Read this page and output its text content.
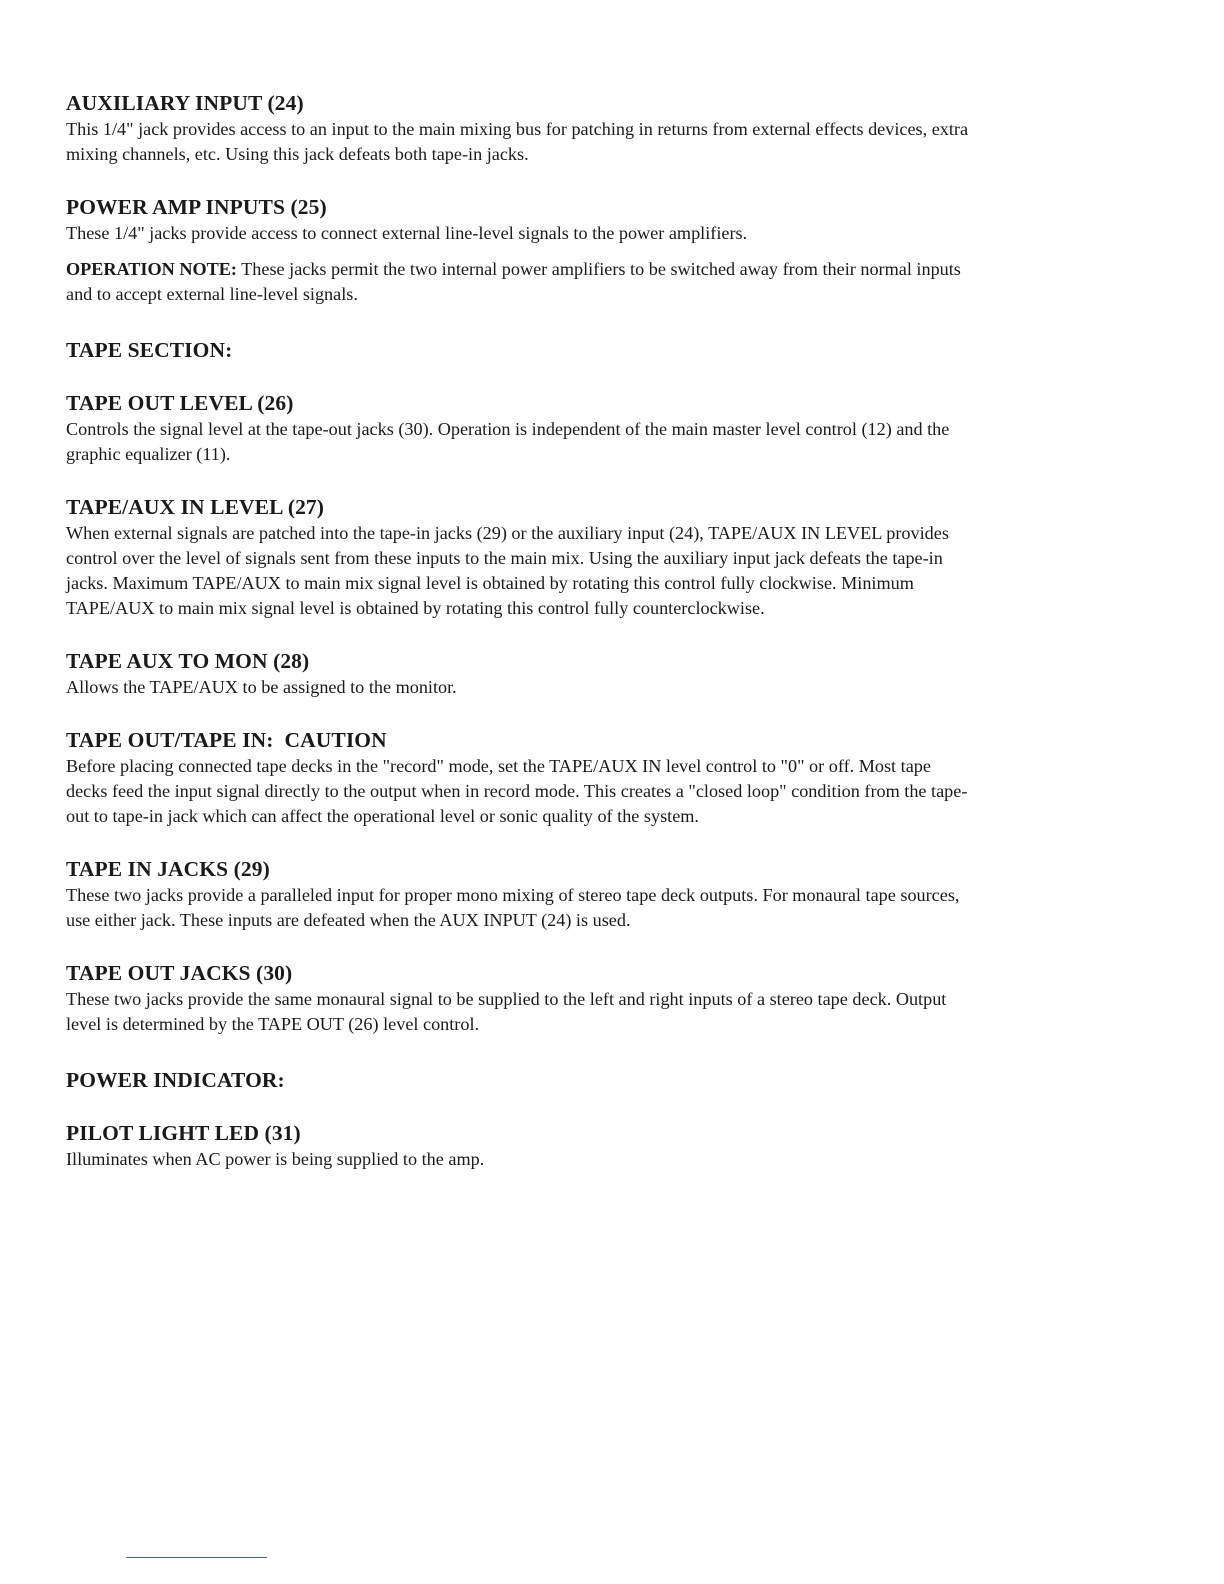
AUXILIARY INPUT (24)

This 1/4" jack provides access to an input to the main mixing bus for patching in returns from external effects devices, extra
mixing channels, etc. Using this jack defeats both tape-in jacks.

POWER AMP INPUTS (25)

These 1/4" jacks provide access to connect external line-level signals to the power amplifiers.

OPERATION NOTE: These jacks permit the two internal power amplifiers to be switched away from their normal inputs
and to accept external line-level signals.

TAPE SECTION:
TAPE OUT LEVEL (26)

Controls the signal level at the tape-out jacks (30). Operation is independent of the main master level control (12) and the
graphic equalizer (11).

TAPE/AUX IN LEVEL (27)

When external signals are patched into the tape-in jacks (29) or the auxiliary input (24), TAPE/AUX IN LEVEL provides
control over the level of signals sent from these inputs to the main mix. Using the auxiliary input jack defeats the tape-in
jacks. Maximum TAPE/AUX to main mix signal level is obtained by rotating this control fully clockwise. Minimum
TAPE/AUX to main mix signal level is obtained by rotating this control fully counterclockwise.

TAPE AUX TO MON (28)

Allows the TAPE/AUX to be assigned to the monitor.

TAPE OUT/TAPE IN:  CAUTION

Before placing connected tape decks in the "record" mode, set the TAPE/AUX IN level control to "0" or off. Most tape
decks feed the input signal directly to the output when in record mode. This creates a "closed loop" condition from the tape-
out to tape-in jack which can affect the operational level or sonic quality of the system.

TAPE IN JACKS (29)

These two jacks provide a paralleled input for proper mono mixing of stereo tape deck outputs. For monaural tape sources,
use either jack. These inputs are defeated when the AUX INPUT (24) is used.

TAPE OUT JACKS (30)

These two jacks provide the same monaural signal to be supplied to the left and right inputs of a stereo tape deck. Output
level is determined by the TAPE OUT (26) level control.

POWER INDICATOR:
PILOT LIGHT LED (31)

Illuminates when AC power is being supplied to the amp.
